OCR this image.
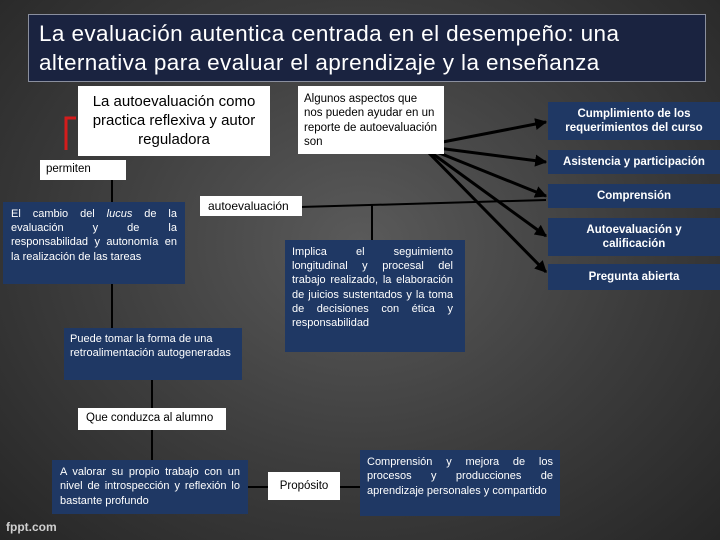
La evaluación autentica centrada en el desempeño: una alternativa para evaluar el aprendizaje y la enseñanza
La autoevaluación como practica reflexiva y autor reguladora
Algunos aspectos que nos pueden ayudar en un reporte de autoevaluación son
permiten
El cambio del lucus de la evaluación y de la responsabilidad y autonomía en la realización de las tareas
autoevaluación
Implica el seguimiento longitudinal y procesal del trabajo realizado, la elaboración de juicios sustentados y la toma de decisiones con ética y responsabilidad
Puede tomar la forma de una retroalimentación autogeneradas
Que conduzca al alumno
A valorar su propio trabajo con un nivel de introspección y reflexión lo bastante profundo
Propósito
Comprensión y mejora de los procesos y producciones de aprendizaje personales y compartido
Cumplimiento de los requerimientos del curso
Asistencia y participación
Comprensión
Autoevaluación y calificación
Pregunta abierta
fppt.com
